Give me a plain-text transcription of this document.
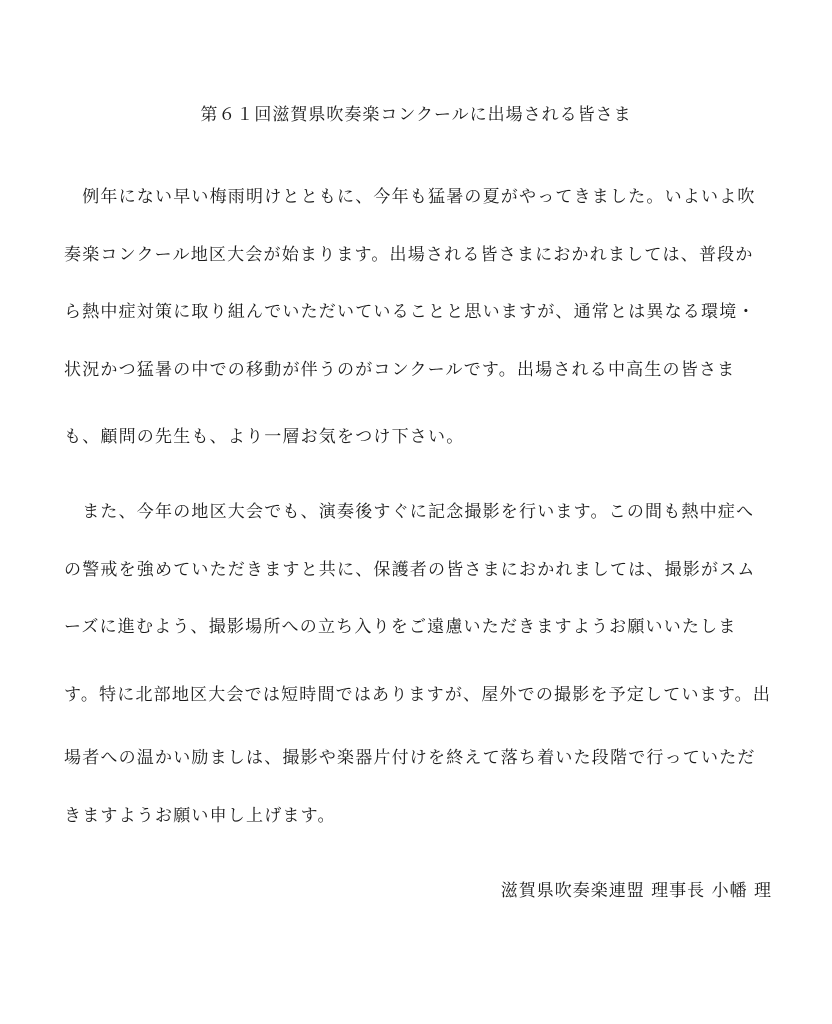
第６１回滋賀県吹奏楽コンクールに出場される皆さま
　例年にない早い梅雨明けとともに、今年も猛暑の夏がやってきました。いよいよ吹
奏楽コンクール地区大会が始まります。出場される皆さまにおかれましては、普段か
ら熱中症対策に取り組んでいただいていることと思いますが、通常とは異なる環境・
状況かつ猛暑の中での移動が伴うのがコンクールです。出場される中高生の皆さま
も、顧問の先生も、より一層お気をつけ下さい。
　また、今年の地区大会でも、演奏後すぐに記念撮影を行います。この間も熱中症へ
の警戒を強めていただきますと共に、保護者の皆さまにおかれましては、撮影がスム
ーズに進むよう、撮影場所への立ち入りをご遠慮いただきますようお願いいたしま
す。特に北部地区大会では短時間ではありますが、屋外での撮影を予定しています。出
場者への温かい励ましは、撮影や楽器片付けを終えて落ち着いた段階で行っていただ
きますようお願い申し上げます。
滋賀県吹奏楽連盟 理事長 小幡 理
